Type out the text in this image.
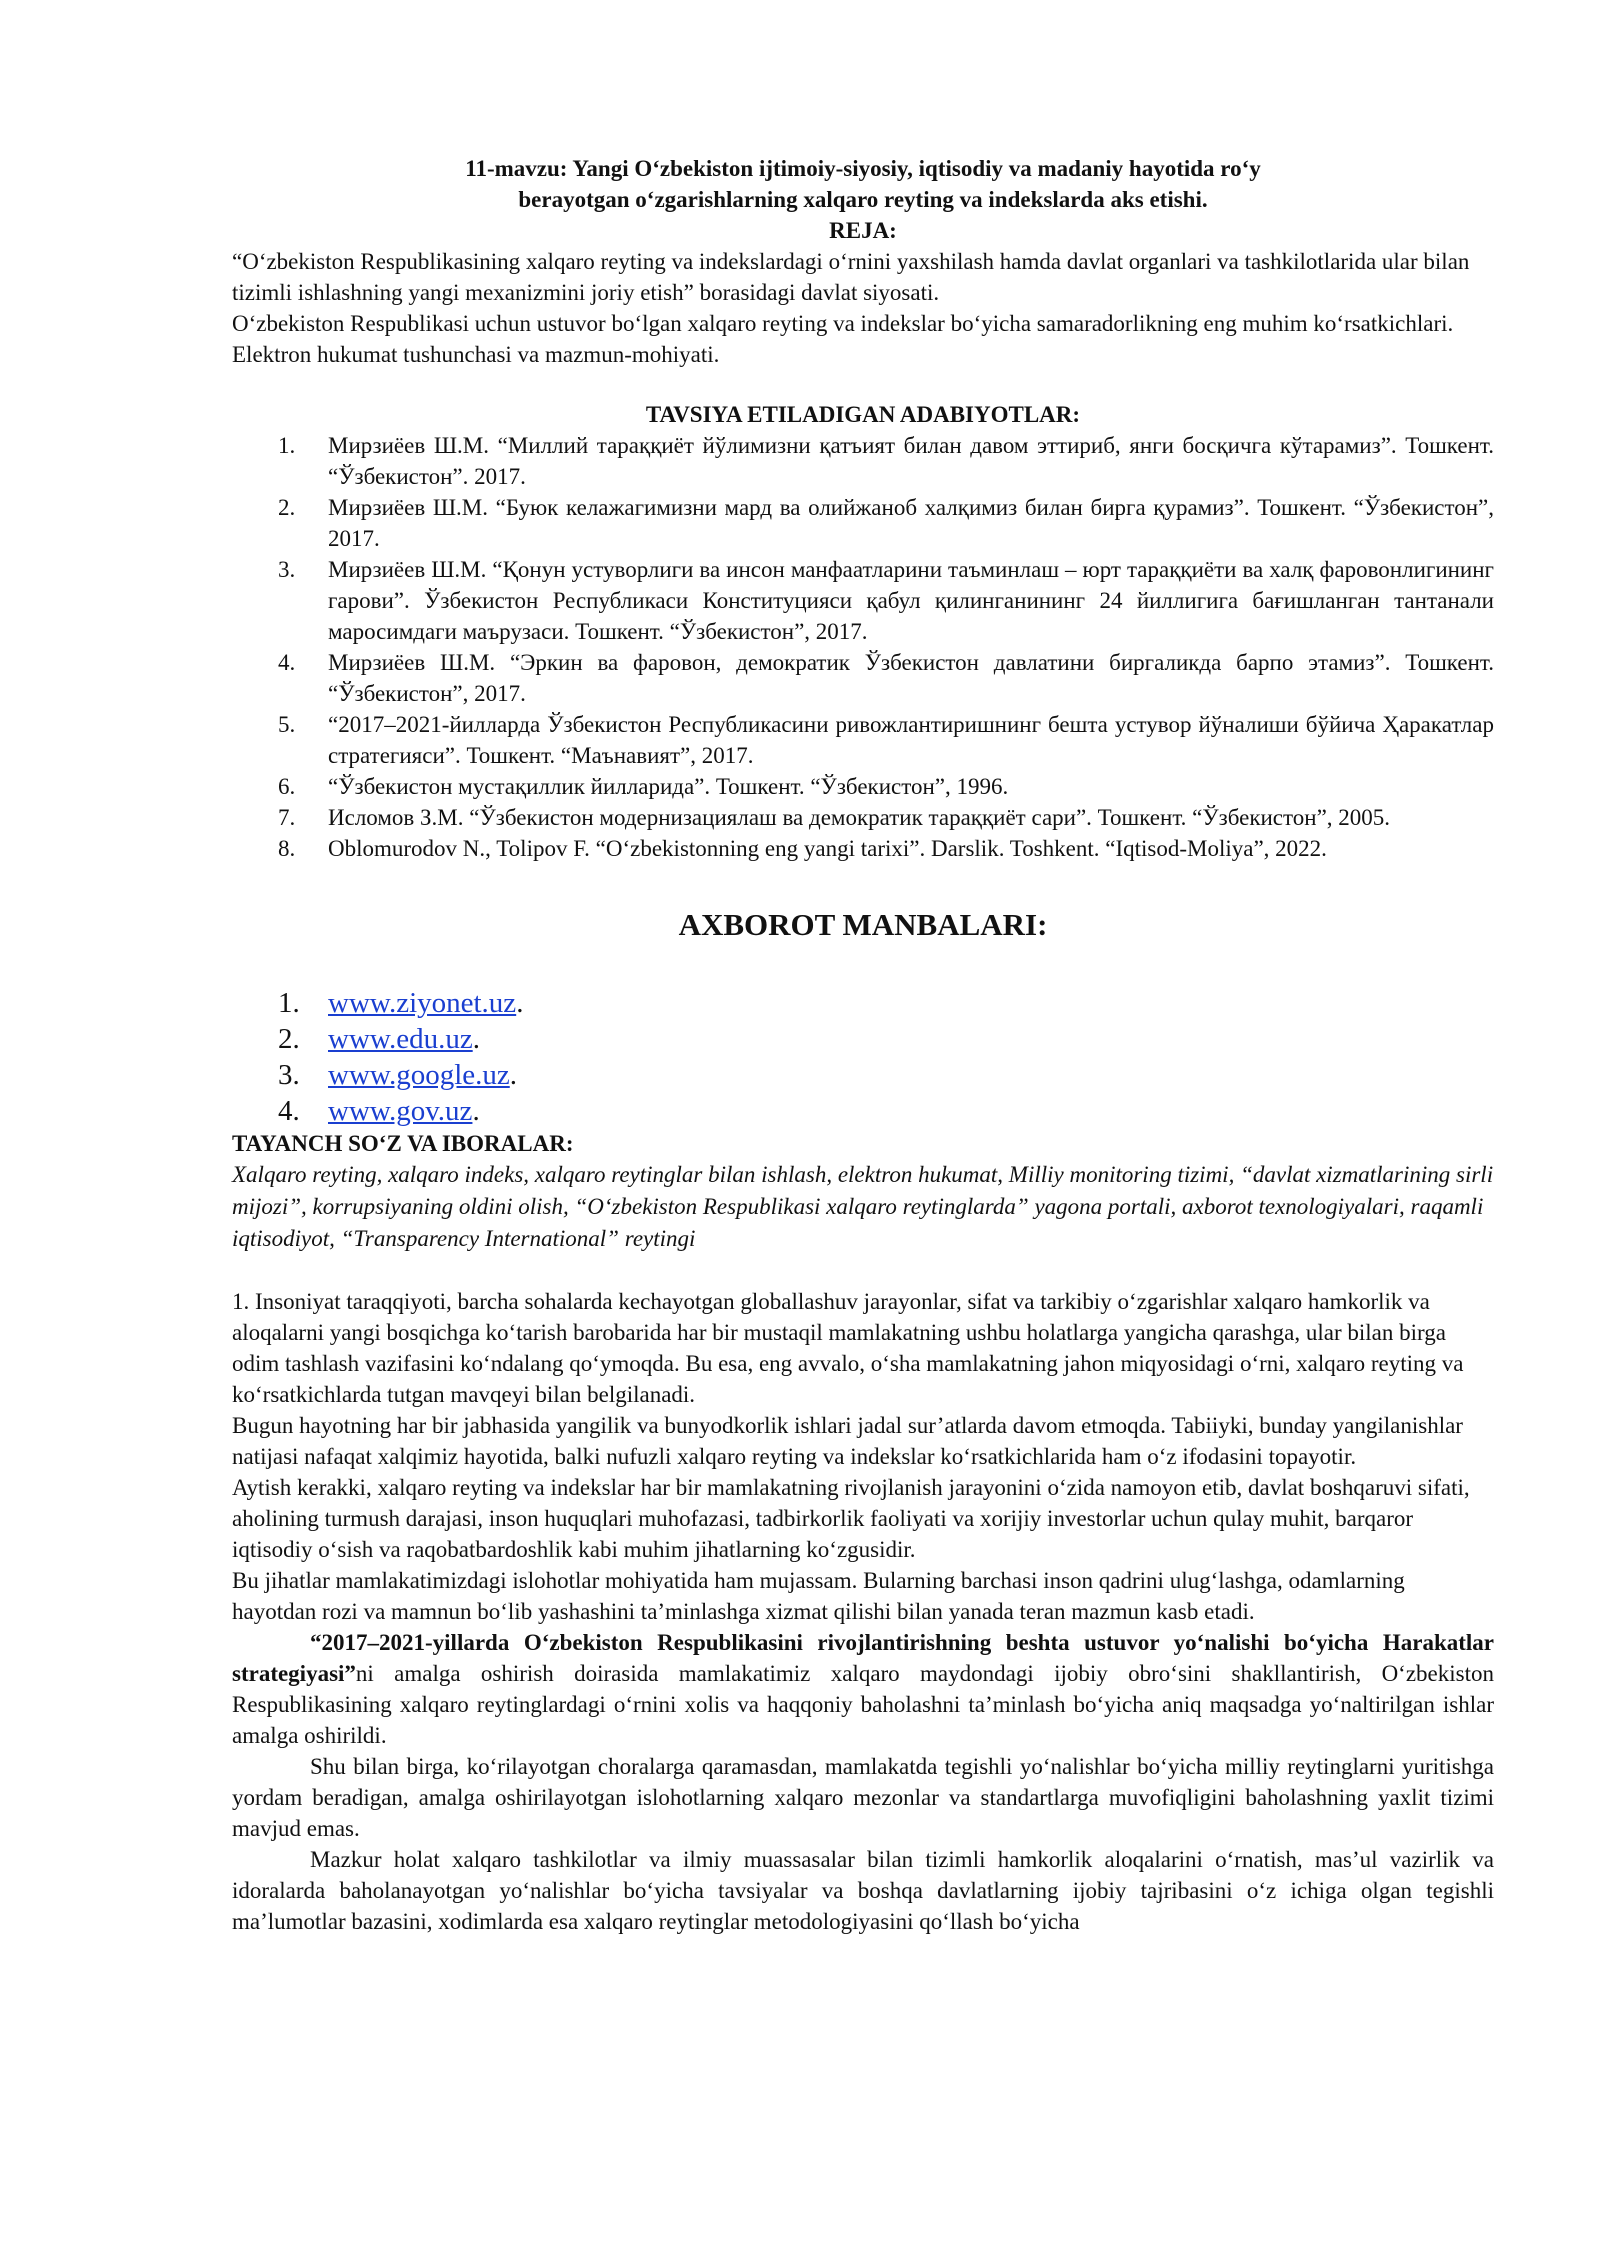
11-mavzu: Yangi O‘zbekiston ijtimoiy-siyosiy, iqtisodiy va madaniy hayotida ro‘y
berayotgan o‘zgarishlarning xalqaro reyting va indekslarda aks etishi.
REJA:

“O‘zbekiston Respublikasining xalqaro reyting va indekslardagi o‘rnini yaxshilash hamda davlat organlari va tashkilotlarida ular bilan tizimli ishlashning yangi mexanizmini joriy etish” borasidagi davlat siyosati.

O‘zbekiston Respublikasi uchun ustuvor bo‘lgan xalqaro reyting va indekslar bo‘yicha samaradorlikning eng muhim ko‘rsatkichlari.

Elektron hukumat tushunchasi va mazmun-mohiyati.

TAVSIYA ETILADIGAN ADABIYOTLAR:
1. Мирзиёев Ш.М. “Миллий тараққиёт йўлимизни қатъият билан давом эттириб, янги босқичга кўтарамиз”. Тошкент. “Ўзбекистон”. 2017.
2. Мирзиёев Ш.М. “Буюк келажагимизни мард ва олийжаноб халқимиз билан бирга қурамиз”. Тошкент. “Ўзбекистон”, 2017.
3. Мирзиёев Ш.М. “Қонун устуворлиги ва инсон манфаатларини таъминлаш – юрт тараққиёти ва халқ фаровонлигининг гарови”. Ўзбекистон Республикаси Конституцияси қабул қилинганининг 24 йиллигига бағишланган тантанали маросимдаги маърузаси. Тошкент. “Ўзбекистон”, 2017.
4. Мирзиёев Ш.М. “Эркин ва фаровон, демократик Ўзбекистон давлатини биргаликда барпо этамиз”. Тошкент. “Ўзбекистон”, 2017.
5. “2017–2021-йилларда Ўзбекистон Республикасини ривожлантиришнинг бешта устувор йўналиши бўйича Ҳаракатлар стратегияси”. Тошкент. “Маънавият”, 2017.
6. “Ўзбекистон мустақиллик йилларида”. Тошкент. “Ўзбекистон”, 1996.
7. Исломов З.М. “Ўзбекистон модернизациялаш ва демократик тараққиёт сари”. Тошкент. “Ўзбекистон”, 2005.
8. Oblomurodov N., Tolipov F. “O‘zbekistonning eng yangi tarixi”. Darslik. Toshkent. “Iqtisod-Moliya”, 2022.
AXBOROT MANBALARI:
1. www.ziyonet.uz.
2. www.edu.uz.
3. www.google.uz.
4. www.gov.uz.

TAYANCH SO‘Z VA IBORALAR:

Xalqaro reyting, xalqaro indeks, xalqaro reytinglar bilan ishlash, elektron hukumat, Milliy monitoring tizimi, “davlat xizmatlarining sirli mijozi”, korrupsiyaning oldini olish, “O‘zbekiston Respublikasi xalqaro reytinglarda” yagona portali, axborot texnologiyalari, raqamli iqtisodiyot, “Transparency International” reytingi

1. Insoniyat taraqqiyoti, barcha sohalarda kechayotgan globallashuv jarayonlar, sifat va tarkibiy o‘zgarishlar xalqaro hamkorlik va aloqalarni yangi bosqichga ko‘tarish barobarida har bir mustaqil mamlakatning ushbu holatlarga yangicha qarashga, ular bilan birga odim tashlash vazifasini ko‘ndalang qo‘ymoqda. Bu esa, eng avvalo, o‘sha mamlakatning jahon miqyosidagi o‘rni, xalqaro reyting va ko‘rsatkichlarda tutgan mavqeyi bilan belgilanadi.

Bugun hayotning har bir jabhasida yangilik va bunyodkorlik ishlari jadal sur’atlarda davom etmoqda. Tabiiyki, bunday yangilanishlar natijasi nafaqat xalqimiz hayotida, balki nufuzli xalqaro reyting va indekslar ko‘rsatkichlarida ham o‘z ifodasini topayotir.

Aytish kerakki, xalqaro reyting va indekslar har bir mamlakatning rivojlanish jarayonini o‘zida namoyon etib, davlat boshqaruvi sifati, aholining turmush darajasi, inson huquqlari muhofazasi, tadbirkorlik faoliyati va xorijiy investorlar uchun qulay muhit, barqaror iqtisodiy o‘sish va raqobatbardoshlik kabi muhim jihatlarning ko‘zgusidir.

Bu jihatlar mamlakatimizdagi islohotlar mohiyatida ham mujassam. Bularning barchasi inson qadrini ulug‘lashga, odamlarning hayotdan rozi va mamnun bo‘lib yashashini ta’minlashga xizmat qilishi bilan yanada teran mazmun kasb etadi.

“2017–2021-yillarda O‘zbekiston Respublikasini rivojlantirishning beshta ustuvor yo‘nalishi bo‘yicha Harakatlar strategiyasi”ni amalga oshirish doirasida mamlakatimiz xalqaro maydondagi ijobiy obro‘sini shakllantirish, O‘zbekiston Respublikasining xalqaro reytinglardagi o‘rnini xolis va haqqoniy baholashni ta’minlash bo‘yicha aniq maqsadga yo‘naltirilgan ishlar amalga oshirildi.

Shu bilan birga, ko‘rilayotgan choralarga qaramasdan, mamlakatda tegishli yo‘nalishlar bo‘yicha milliy reytinglarni yuritishga yordam beradigan, amalga oshirilayotgan islohotlarning xalqaro mezonlar va standartlarga muvofiqligini baholashning yaxlit tizimi mavjud emas.

Mazkur holat xalqaro tashkilotlar va ilmiy muassasalar bilan tizimli hamkorlik aloqalarini o‘rnatish, mas’ul vazirlik va idoralarda baholanayotgan yo‘nalishlar bo‘yicha tavsiyalar va boshqa davlatlarning ijobiy tajribasini o‘z ichiga olgan tegishli ma’lumotlar bazasini, xodimlarda esa xalqaro reytinglar metodologiyasini qo‘llash bo‘yicha
